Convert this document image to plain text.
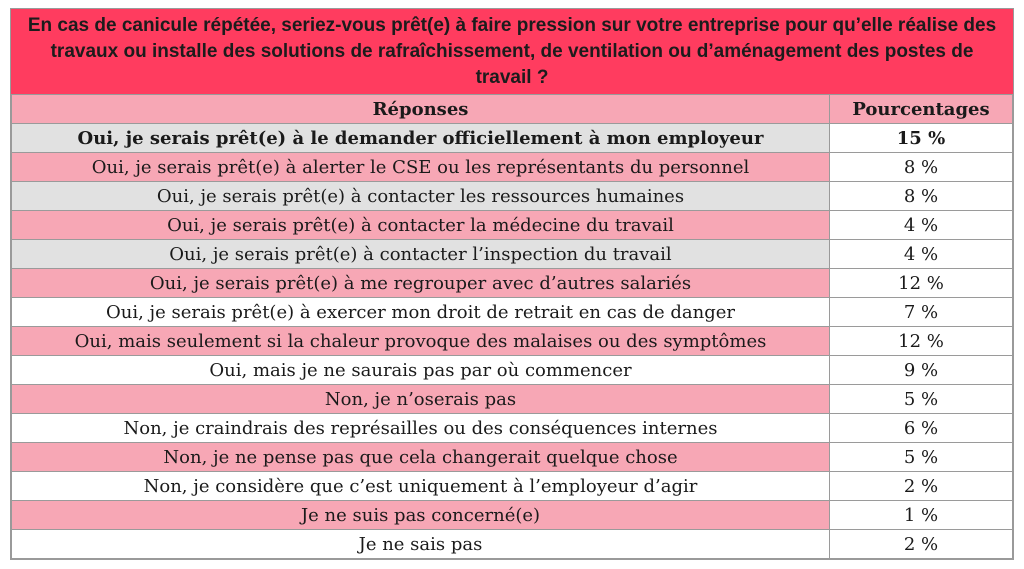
En cas de canicule répétée, seriez-vous prêt(e) à faire pression sur votre entreprise pour qu’elle réalise des travaux ou installe des solutions de rafraîchissement, de ventilation ou d’aménagement des postes de travail ?
Réponses	Pourcentages
Oui, je serais prêt(e) à le demander officiellement à mon employeur	15 %
Oui, je serais prêt(e) à alerter le CSE ou les représentants du personnel	8 %
Oui, je serais prêt(e) à contacter les ressources humaines	8 %
Oui, je serais prêt(e) à contacter la médecine du travail	4 %
Oui, je serais prêt(e) à contacter l’inspection du travail	4 %
Oui, je serais prêt(e) à me regrouper avec d’autres salariés	12 %
Oui, je serais prêt(e) à exercer mon droit de retrait en cas de danger	7 %
Oui, mais seulement si la chaleur provoque des malaises ou des symptômes	12 %
Oui, mais je ne saurais pas par où commencer	9 %
Non, je n’oserais pas	5 %
Non, je craindrais des représailles ou des conséquences internes	6 %
Non, je ne pense pas que cela changerait quelque chose	5 %
Non, je considère que c’est uniquement à l’employeur d’agir	2 %
Je ne suis pas concerné(e)	1 %
Je ne sais pas	2 %
